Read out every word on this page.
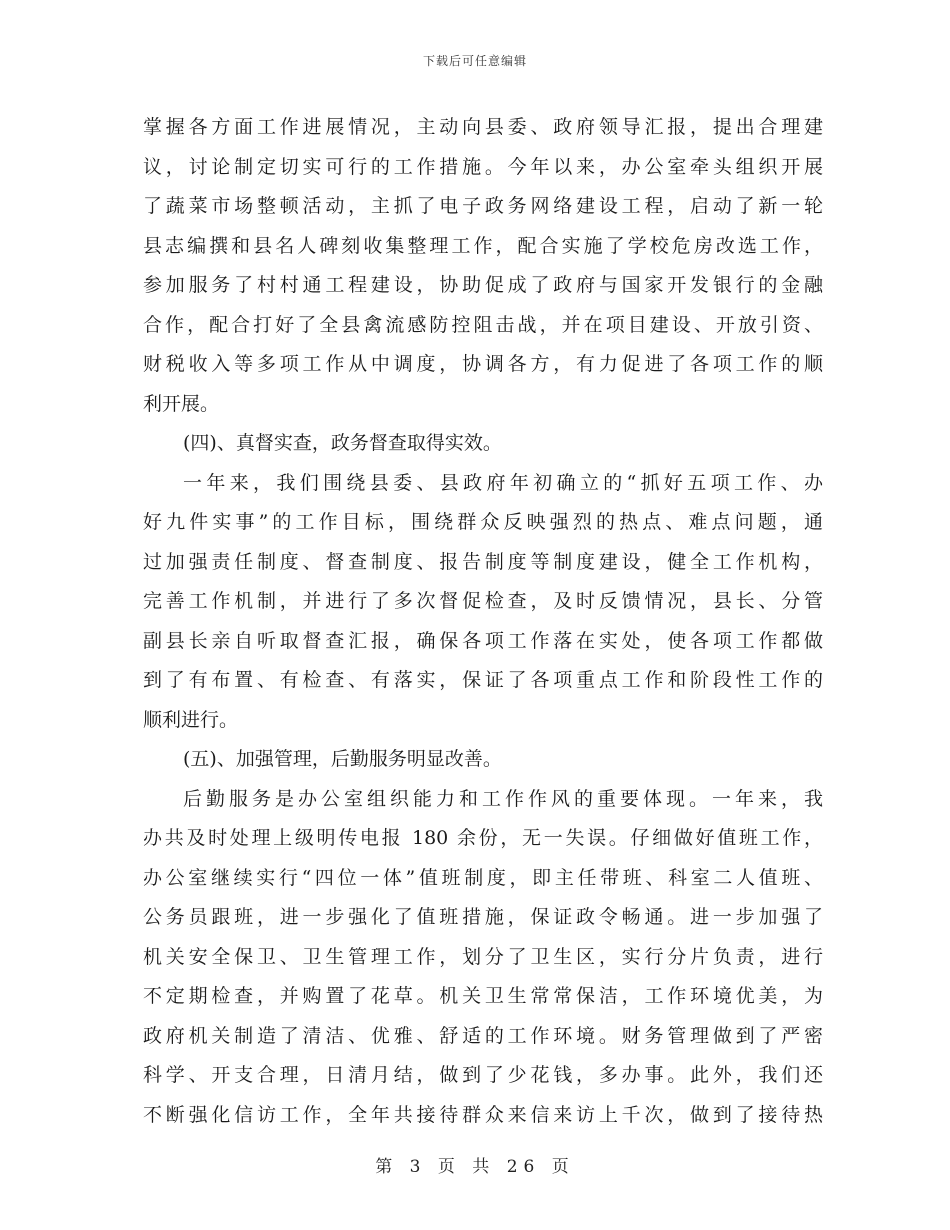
下载后可任意编辑
掌握各方面工作进展情况，主动向县委、政府领导汇报，提出合理建
议，讨论制定切实可行的工作措施。今年以来，办公室牵头组织开展
了蔬菜市场整顿活动，主抓了电子政务网络建设工程，启动了新一轮
县志编撰和县名人碑刻收集整理工作，配合实施了学校危房改选工作，
参加服务了村村通工程建设，协助促成了政府与国家开发银行的金融
合作，配合打好了全县禽流感防控阻击战，并在项目建设、开放引资、
财税收入等多项工作从中调度，协调各方，有力促进了各项工作的顺
利开展。
(四)、真督实查，政务督查取得实效。
一年来，我们围绕县委、县政府年初确立的“抓好五项工作、办
好九件实事”的工作目标，围绕群众反映强烈的热点、难点问题，通
过加强责任制度、督查制度、报告制度等制度建设，健全工作机构，
完善工作机制，并进行了多次督促检查，及时反馈情况，县长、分管
副县长亲自听取督查汇报，确保各项工作落在实处，使各项工作都做
到了有布置、有检查、有落实，保证了各项重点工作和阶段性工作的
顺利进行。
(五)、加强管理，后勤服务明显改善。
后勤服务是办公室组织能力和工作作风的重要体现。一年来，我
办共及时处理上级明传电报 180 余份，无一失误。仔细做好值班工作，
办公室继续实行“四位一体”值班制度，即主任带班、科室二人值班、
公务员跟班，进一步强化了值班措施，保证政令畅通。进一步加强了
机关安全保卫、卫生管理工作，划分了卫生区，实行分片负责，进行
不定期检查，并购置了花草。机关卫生常常保洁，工作环境优美，为
政府机关制造了清洁、优雅、舒适的工作环境。财务管理做到了严密
科学、开支合理，日清月结，做到了少花钱，多办事。此外，我们还
不断强化信访工作，全年共接待群众来信来访上千次，做到了接待热
第 3 页 共 26 页
